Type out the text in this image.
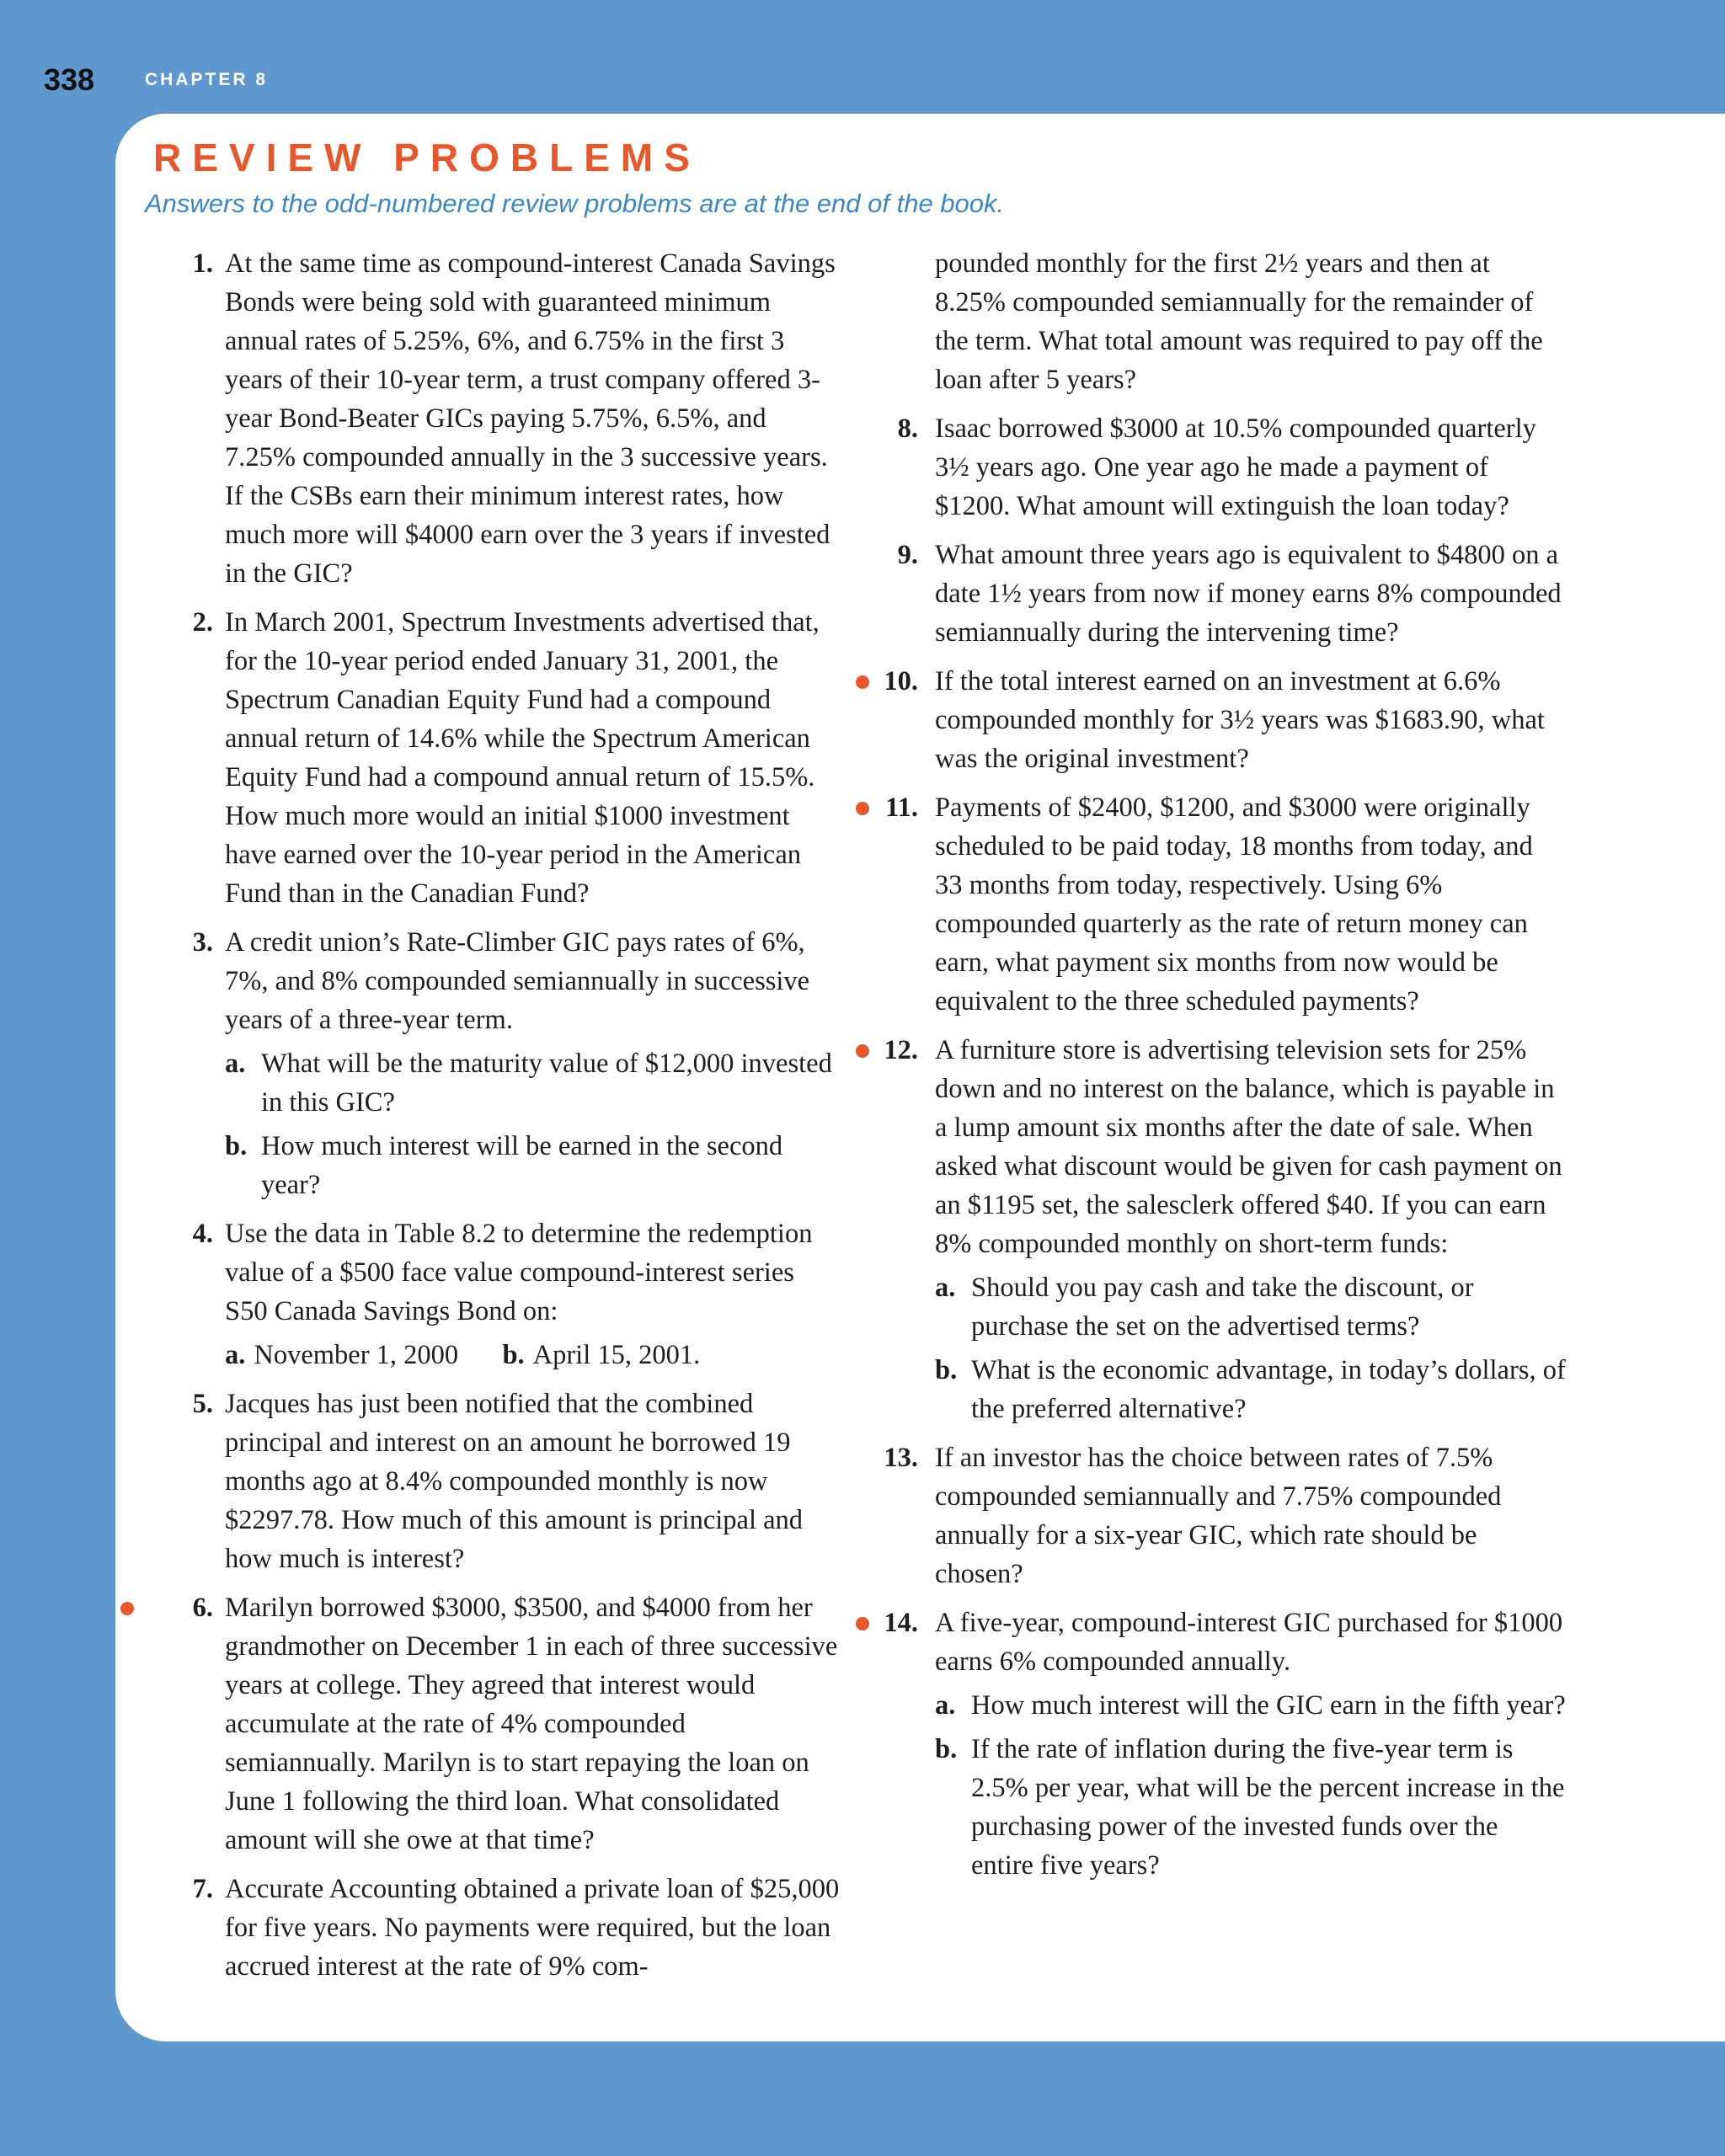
338	CHAPTER 8
REVIEW PROBLEMS
Answers to the odd-numbered review problems are at the end of the book.
1. At the same time as compound-interest Canada Savings Bonds were being sold with guaranteed minimum annual rates of 5.25%, 6%, and 6.75% in the first 3 years of their 10-year term, a trust company offered 3-year Bond-Beater GICs paying 5.75%, 6.5%, and 7.25% compounded annually in the 3 successive years. If the CSBs earn their minimum interest rates, how much more will $4000 earn over the 3 years if invested in the GIC?
2. In March 2001, Spectrum Investments advertised that, for the 10-year period ended January 31, 2001, the Spectrum Canadian Equity Fund had a compound annual return of 14.6% while the Spectrum American Equity Fund had a compound annual return of 15.5%. How much more would an initial $1000 investment have earned over the 10-year period in the American Fund than in the Canadian Fund?
3. A credit union’s Rate-Climber GIC pays rates of 6%, 7%, and 8% compounded semiannually in successive years of a three-year term.
a. What will be the maturity value of $12,000 invested in this GIC?
b. How much interest will be earned in the second year?
4. Use the data in Table 8.2 to determine the redemption value of a $500 face value compound-interest series S50 Canada Savings Bond on:
a. November 1, 2000 b. April 15, 2001.
5. Jacques has just been notified that the combined principal and interest on an amount he borrowed 19 months ago at 8.4% compounded monthly is now $2297.78. How much of this amount is principal and how much is interest?
6. Marilyn borrowed $3000, $3500, and $4000 from her grandmother on December 1 in each of three successive years at college. They agreed that interest would accumulate at the rate of 4% compounded semiannually. Marilyn is to start repaying the loan on June 1 following the third loan. What consolidated amount will she owe at that time?
7. Accurate Accounting obtained a private loan of $25,000 for five years. No payments were required, but the loan accrued interest at the rate of 9% com-
pounded monthly for the first 2½ years and then at 8.25% compounded semiannually for the remainder of the term. What total amount was required to pay off the loan after 5 years?
8. Isaac borrowed $3000 at 10.5% compounded quarterly 3½ years ago. One year ago he made a payment of $1200. What amount will extinguish the loan today?
9. What amount three years ago is equivalent to $4800 on a date 1½ years from now if money earns 8% compounded semiannually during the intervening time?
10. If the total interest earned on an investment at 6.6% compounded monthly for 3½ years was $1683.90, what was the original investment?
11. Payments of $2400, $1200, and $3000 were originally scheduled to be paid today, 18 months from today, and 33 months from today, respectively. Using 6% compounded quarterly as the rate of return money can earn, what payment six months from now would be equivalent to the three scheduled payments?
12. A furniture store is advertising television sets for 25% down and no interest on the balance, which is payable in a lump amount six months after the date of sale. When asked what discount would be given for cash payment on an $1195 set, the salesclerk offered $40. If you can earn 8% compounded monthly on short-term funds:
a. Should you pay cash and take the discount, or purchase the set on the advertised terms?
b. What is the economic advantage, in today’s dollars, of the preferred alternative?
13. If an investor has the choice between rates of 7.5% compounded semiannually and 7.75% compounded annually for a six-year GIC, which rate should be chosen?
14. A five-year, compound-interest GIC purchased for $1000 earns 6% compounded annually.
a. How much interest will the GIC earn in the fifth year?
b. If the rate of inflation during the five-year term is 2.5% per year, what will be the percent increase in the purchasing power of the invested funds over the entire five years?
